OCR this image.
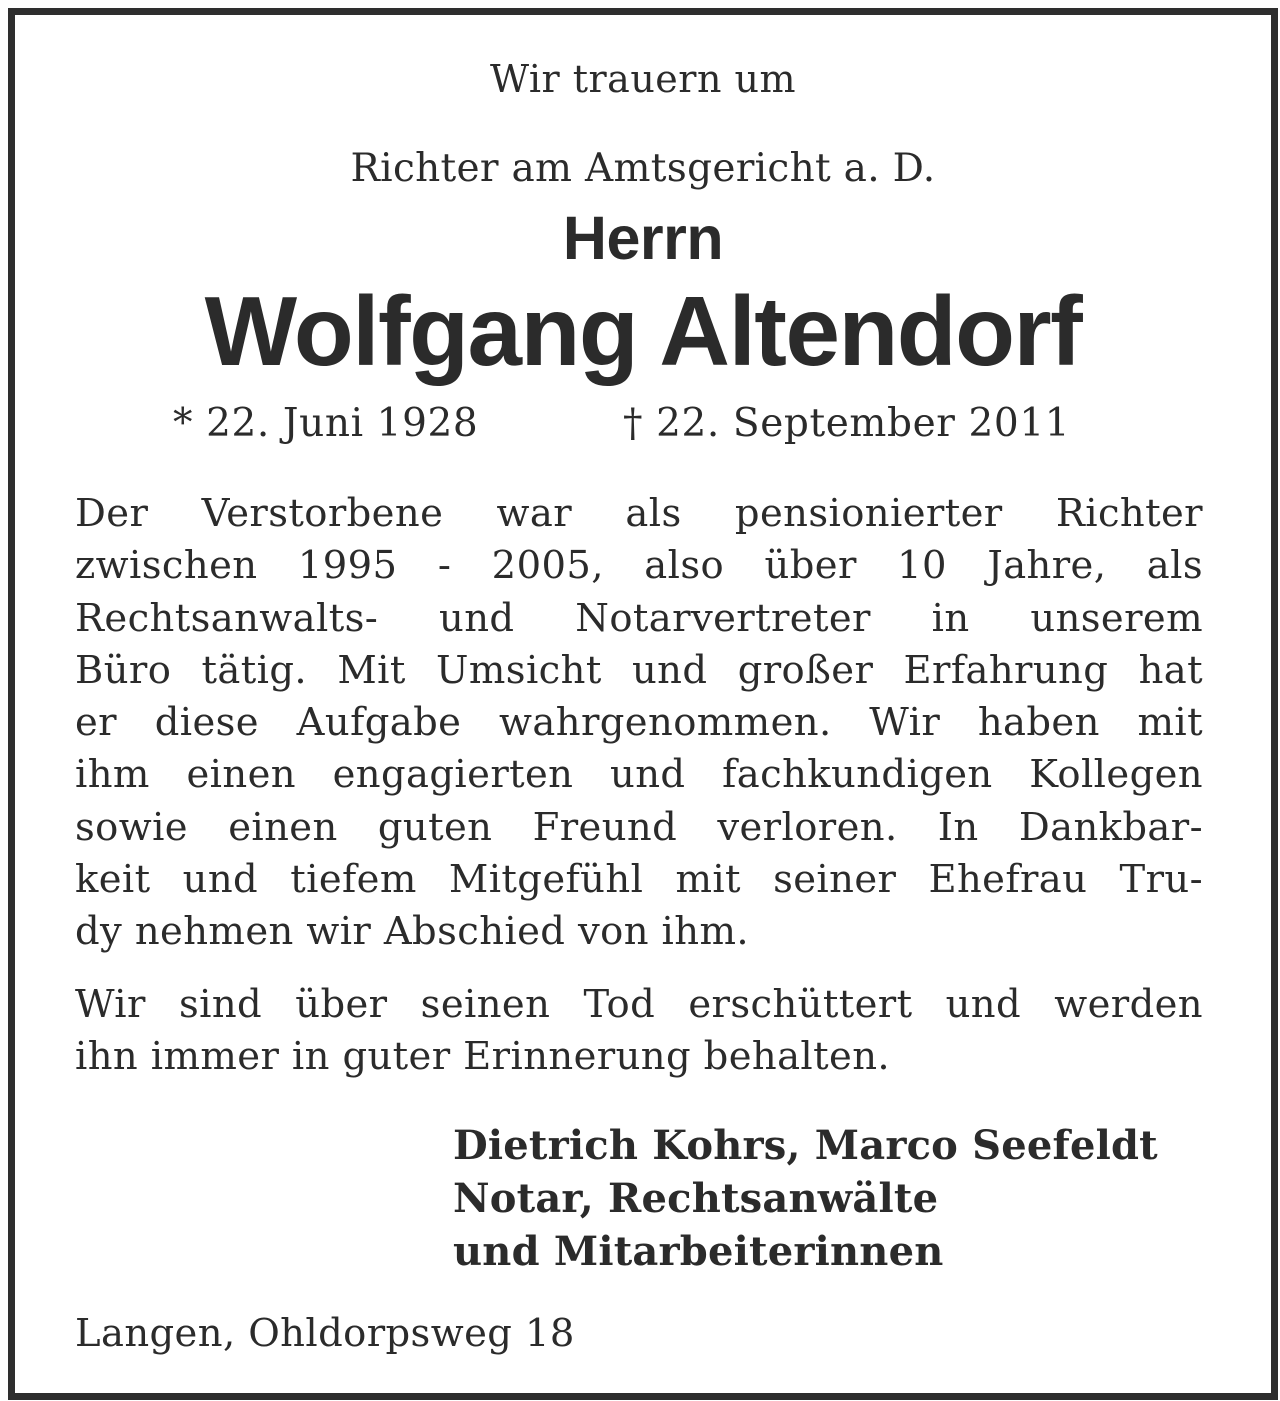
Wir trauern um
Richter am Amtsgericht a. D.
Herrn
Wolfgang Altendorf
* 22. Juni 1928	† 22. September 2011
Der Verstorbene war als pensionierter Richter
zwischen 1995 - 2005, also über 10 Jahre, als
Rechtsanwalts- und Notarvertreter in unserem
Büro tätig. Mit Umsicht und großer Erfahrung hat
er diese Aufgabe wahrgenommen. Wir haben mit
ihm einen engagierten und fachkundigen Kollegen
sowie einen guten Freund verloren. In Dankbar-
keit und tiefem Mitgefühl mit seiner Ehefrau Tru-
dy nehmen wir Abschied von ihm.
Wir sind über seinen Tod erschüttert und werden
ihn immer in guter Erinnerung behalten.
Dietrich Kohrs, Marco Seefeldt
Notar, Rechtsanwälte
und Mitarbeiterinnen
Langen, Ohldorpsweg 18
